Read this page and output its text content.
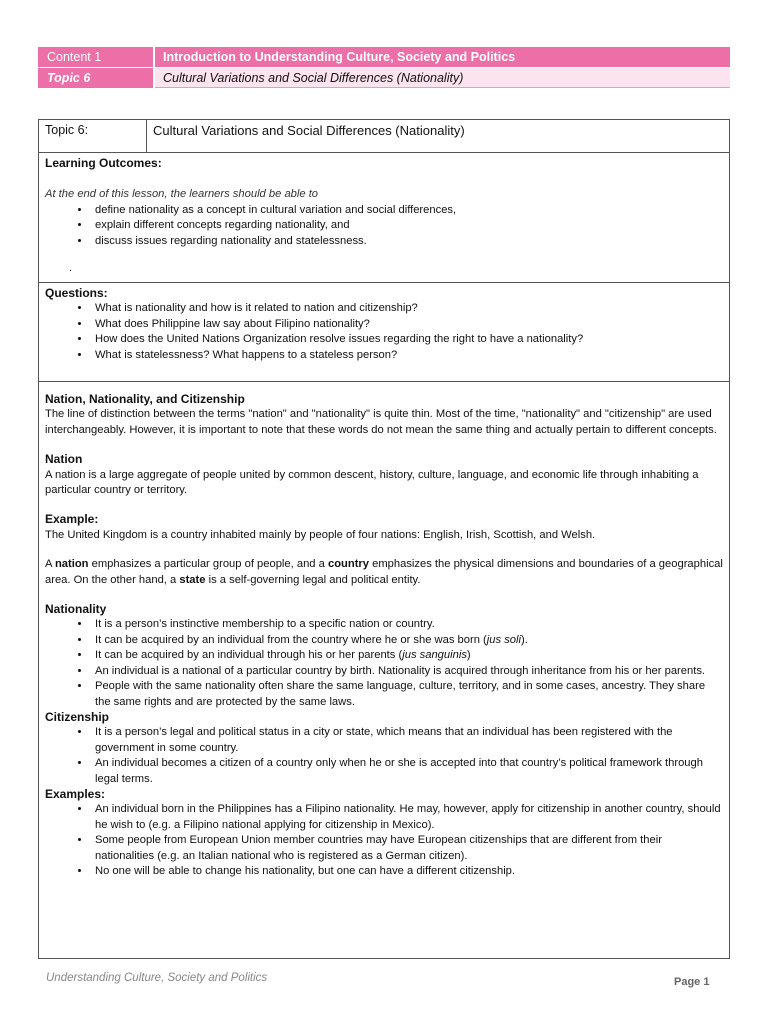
Content 1	Introduction to Understanding Culture, Society and Politics
Topic 6	Cultural Variations and Social Differences (Nationality)
Topic 6:	Cultural Variations and Social Differences (Nationality)
Learning Outcomes:
At the end of this lesson, the learners should be able to
• define nationality as a concept in cultural variation and social differences,
• explain different concepts regarding nationality, and
• discuss issues regarding nationality and statelessness.
.
Questions:
• What is nationality and how is it related to nation and citizenship?
• What does Philippine law say about Filipino nationality?
• How does the United Nations Organization resolve issues regarding the right to have a nationality?
• What is statelessness? What happens to a stateless person?
Nation, Nationality, and Citizenship

The line of distinction between the terms "nation" and "nationality" is quite thin. Most of the time, "nationality" and "citizenship" are used interchangeably. However, it is important to note that these words do not mean the same thing and actually pertain to different concepts.

Nation

A nation is a large aggregate of people united by common descent, history, culture, language, and economic life through inhabiting a particular country or territory.

Example:

The United Kingdom is a country inhabited mainly by people of four nations: English, Irish, Scottish, and Welsh.

A nation emphasizes a particular group of people, and a country emphasizes the physical dimensions and boundaries of a geographical area. On the other hand, a state is a self-governing legal and political entity.

Nationality
• It is a person’s instinctive membership to a specific nation or country.
• It can be acquired by an individual from the country where he or she was born (jus soli).
• It can be acquired by an individual through his or her parents (jus sanguinis)
• An individual is a national of a particular country by birth. Nationality is acquired through inheritance from his or her parents.
• People with the same nationality often share the same language, culture, territory, and in some cases, ancestry. They share the same rights and are protected by the same laws.
Citizenship
• It is a person’s legal and political status in a city or state, which means that an individual has been registered with the government in some country.
• An individual becomes a citizen of a country only when he or she is accepted into that country’s political framework through legal terms.
Examples:
• An individual born in the Philippines has a Filipino nationality. He may, however, apply for citizenship in another country, should he wish to (e.g. a Filipino national applying for citizenship in Mexico).
• Some people from European Union member countries may have European citizenships that are different from their nationalities (e.g. an Italian national who is registered as a German citizen).
• No one will be able to change his nationality, but one can have a different citizenship.
Understanding Culture, Society and Politics	Page 1
